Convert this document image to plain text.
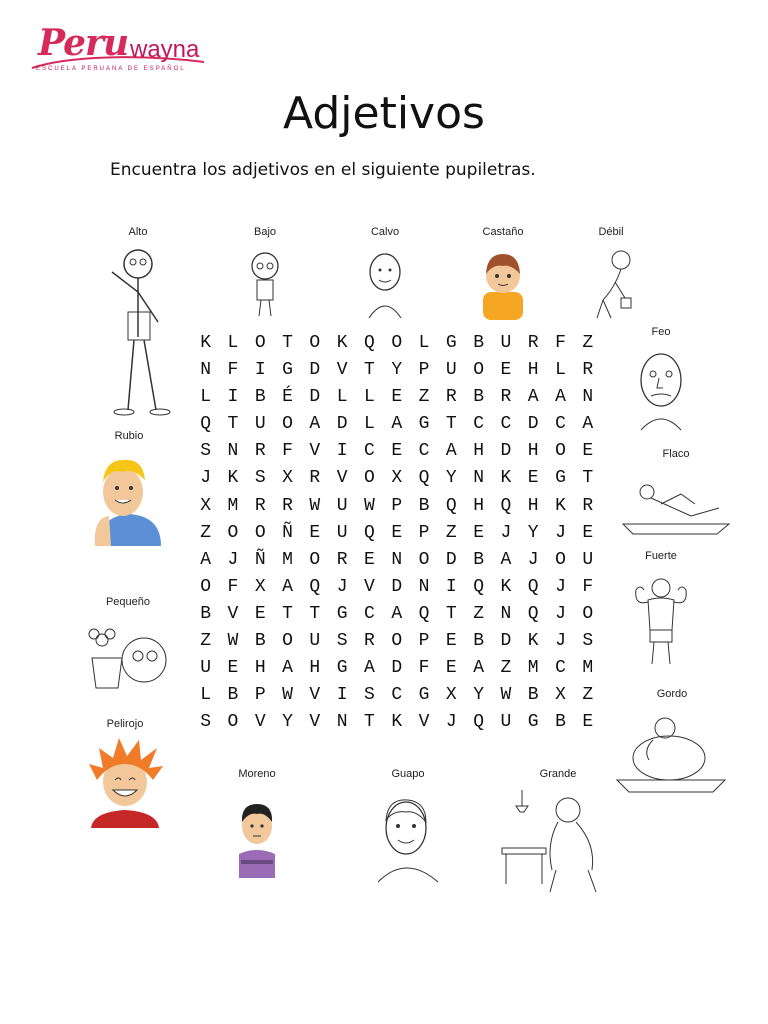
Peru wayna
ESCUELA PERUANA DE ESPAÑOL
Adjetivos
Encuentra los adjetivos en el siguiente pupiletras.
K L O T O K Q O L G B U R F Z
N F I G D V T Y P U O E H L R
L I B É D L L E Z R B R A A N
Q T U O A D L A G T C C D C A
S N R F V I C E C A H D H O E
J K S X R V O X Q Y N K E G T
X M R R W U W P B Q H Q H K R
Z O O Ñ E U Q E P Z E J Y J E
A J Ñ M O R E N O D B A J O U
O F X A Q J V D N I Q K Q J F
B V E T T G C A Q T Z N Q J O
Z W B O U S R O P E B D K J S
U E H A H G A D F E A Z M C M
L B P W V I S C G X Y W B X Z
S O V Y V N T K V J Q U G B E
Alto	Bajo	Calvo	Castaño	Débil
Feo
Rubio
Flaco
Fuerte
Pequeño
Gordo
Pelirojo
Moreno	Guapo	Grande
